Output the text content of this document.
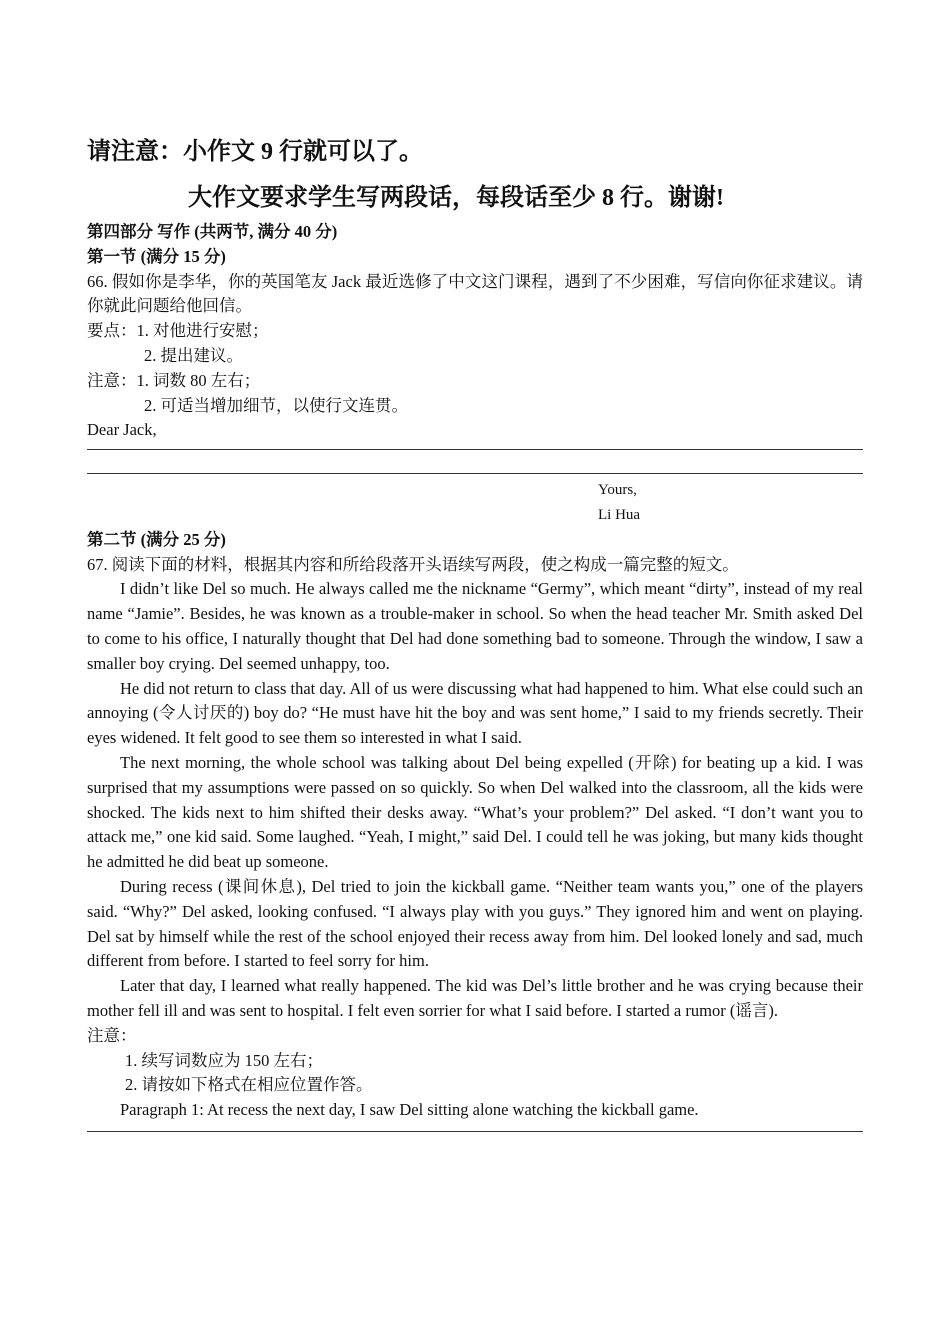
请注意：小作文 9 行就可以了。

大作文要求学生写两段话，每段话至少 8 行。谢谢!

第四部分 写作 (共两节, 满分 40 分)

第一节 (满分 15 分)

66. 假如你是李华，你的英国笔友 Jack 最近选修了中文这门课程，遇到了不少困难，写信向你征求建议。请你就此问题给他回信。

要点：1. 对他进行安慰；

2. 提出建议。

注意：1. 词数 80 左右；

2. 可适当增加细节，以使行文连贯。

Dear Jack,

Yours,

Li Hua

第二节 (满分 25 分)

67. 阅读下面的材料，根据其内容和所给段落开头语续写两段，使之构成一篇完整的短文。

I didn’t like Del so much. He always called me the nickname “Germy”, which meant “dirty”, instead of my real name “Jamie”. Besides, he was known as a trouble-maker in school. So when the head teacher Mr. Smith asked Del to come to his office, I naturally thought that Del had done something bad to someone. Through the window, I saw a smaller boy crying. Del seemed unhappy, too.

He did not return to class that day. All of us were discussing what had happened to him. What else could such an annoying (令人讨厌的) boy do? “He must have hit the boy and was sent home,” I said to my friends secretly. Their eyes widened. It felt good to see them so interested in what I said.

The next morning, the whole school was talking about Del being expelled (开除) for beating up a kid. I was surprised that my assumptions were passed on so quickly. So when Del walked into the classroom, all the kids were shocked. The kids next to him shifted their desks away. “What’s your problem?” Del asked. “I don’t want you to attack me,” one kid said. Some laughed. “Yeah, I might,” said Del. I could tell he was joking, but many kids thought he admitted he did beat up someone.

During recess (课间休息), Del tried to join the kickball game. “Neither team wants you,” one of the players said. “Why?” Del asked, looking confused. “I always play with you guys.” They ignored him and went on playing. Del sat by himself while the rest of the school enjoyed their recess away from him. Del looked lonely and sad, much different from before. I started to feel sorry for him.

Later that day, I learned what really happened. The kid was Del’s little brother and he was crying because their mother fell ill and was sent to hospital. I felt even sorrier for what I said before. I started a rumor (谣言).

注意：

1. 续写词数应为 150 左右；

2. 请按如下格式在相应位置作答。

Paragraph 1: At recess the next day, I saw Del sitting alone watching the kickball game.
